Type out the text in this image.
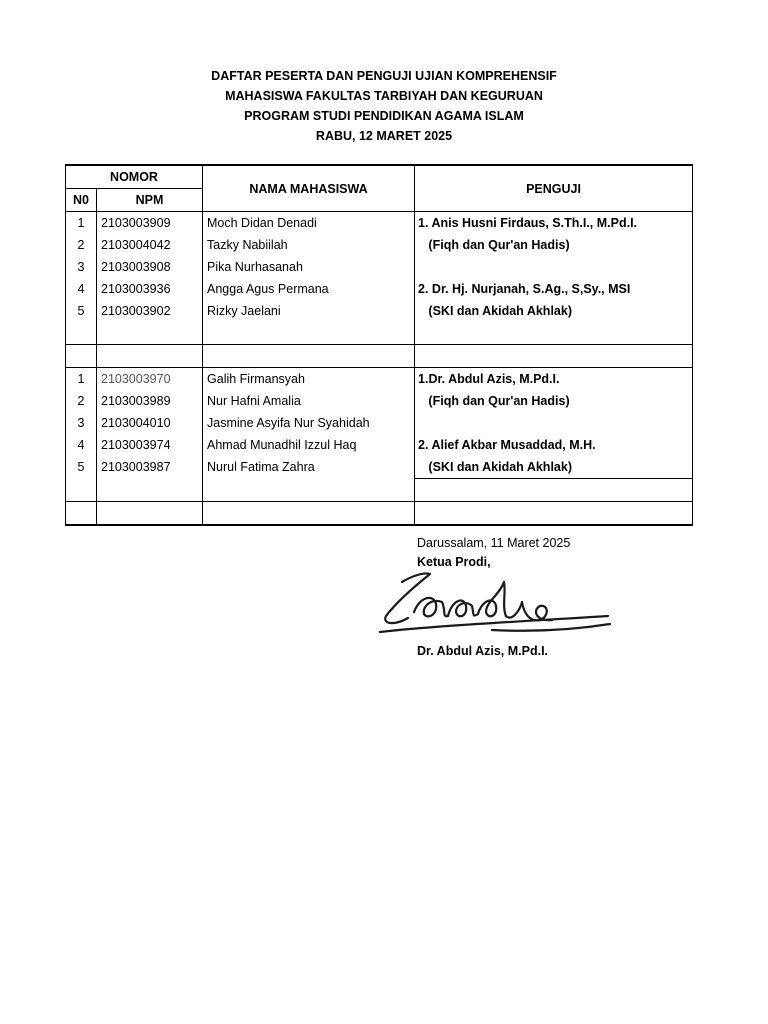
DAFTAR PESERTA DAN PENGUJI UJIAN KOMPREHENSIF
MAHASISWA FAKULTAS TARBIYAH DAN KEGURUAN
PROGRAM STUDI PENDIDIKAN AGAMA ISLAM
RABU, 12 MARET 2025
NOMOR		NAMA MAHASISWA	PENGUJI
N0	NPM		
1	2103003909	Moch Didan Denadi	1. Anis Husni Firdaus, S.Th.I., M.Pd.I.
2	2103004042	Tazky Nabiilah	(Fiqh dan Qur'an Hadis)
3	2103003908	Pika Nurhasanah	
4	2103003936	Angga Agus Permana	2. Dr. Hj. Nurjanah, S.Ag., S,Sy., MSI
5	2103003902	Rizky Jaelani	(SKI dan Akidah Akhlak)

1	2103003970	Galih Firmansyah	1.Dr. Abdul Azis, M.Pd.I.
2	2103003989	Nur Hafni Amalia	(Fiqh dan Qur'an Hadis)
3	2103004010	Jasmine Asyifa Nur Syahidah	
4	2103003974	Ahmad Munadhil Izzul Haq	2. Alief Akbar Musaddad, M.H.
5	2103003987	Nurul Fatima Zahra	(SKI dan Akidah Akhlak)

Darussalam, 11 Maret 2025
Ketua Prodi,
Dr. Abdul Azis, M.Pd.I.
